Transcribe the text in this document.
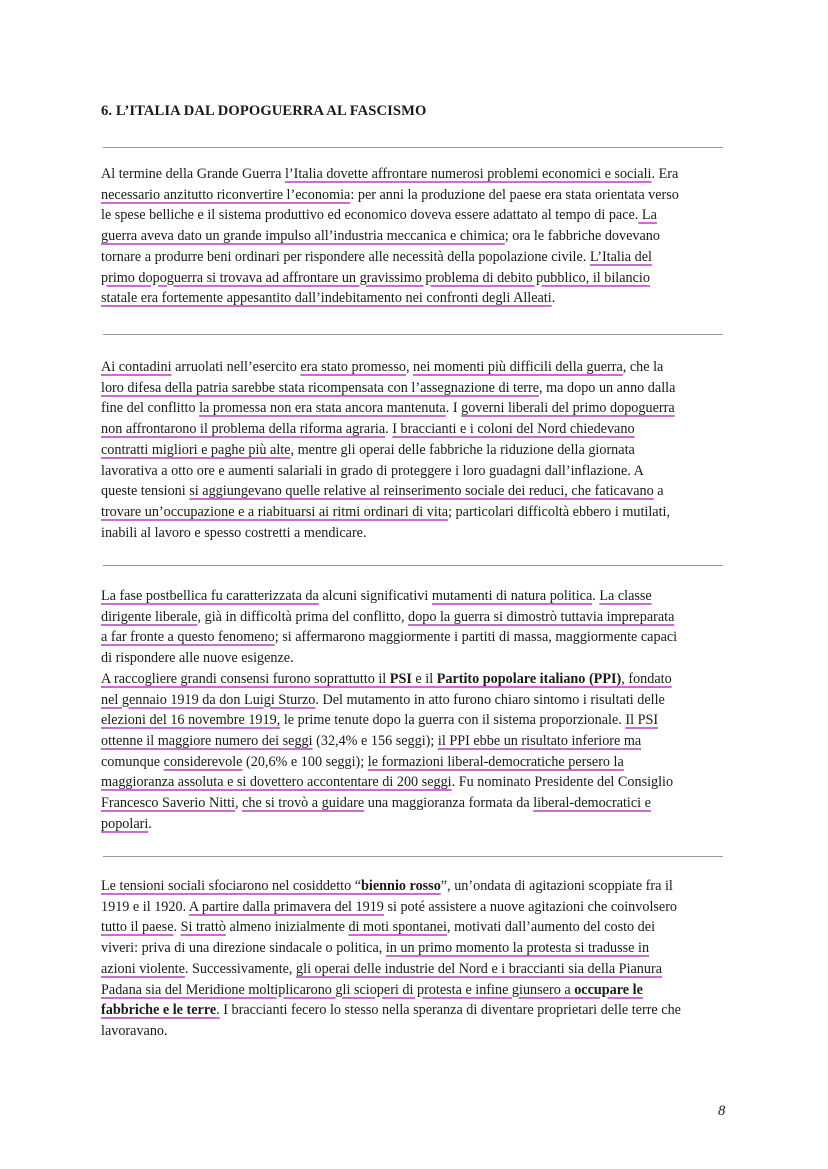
6. L’ITALIA DAL DOPOGUERRA AL FASCISMO
Al termine della Grande Guerra l’Italia dovette affrontare numerosi problemi economici e sociali. Era
necessario anzitutto riconvertire l’economia: per anni la produzione del paese era stata orientata verso
le spese belliche e il sistema produttivo ed economico doveva essere adattato al tempo di pace. La
guerra aveva dato un grande impulso all’industria meccanica e chimica; ora le fabbriche dovevano
tornare a produrre beni ordinari per rispondere alle necessità della popolazione civile. L’Italia del
primo dopoguerra si trovava ad affrontare un gravissimo problema di debito pubblico, il bilancio
statale era fortemente appesantito dall’indebitamento nei confronti degli Alleati.
Ai contadini arruolati nell’esercito era stato promesso, nei momenti più difficili della guerra, che la
loro difesa della patria sarebbe stata ricompensata con l’assegnazione di terre, ma dopo un anno dalla
fine del conflitto la promessa non era stata ancora mantenuta. I governi liberali del primo dopoguerra
non affrontarono il problema della riforma agraria. I braccianti e i coloni del Nord chiedevano
contratti migliori e paghe più alte, mentre gli operai delle fabbriche la riduzione della giornata
lavorativa a otto ore e aumenti salariali in grado di proteggere i loro guadagni dall’inflazione. A
queste tensioni si aggiungevano quelle relative al reinserimento sociale dei reduci, che faticavano a
trovare un’occupazione e a riabituarsi ai ritmi ordinari di vita; particolari difficoltà ebbero i mutilati,
inabili al lavoro e spesso costretti a mendicare.
La fase postbellica fu caratterizzata da alcuni significativi mutamenti di natura politica. La classe
dirigente liberale, già in difficoltà prima del conflitto, dopo la guerra si dimostrò tuttavia impreparata
a far fronte a questo fenomeno; si affermarono maggiormente i partiti di massa, maggiormente capaci
di rispondere alle nuove esigenze.
A raccogliere grandi consensi furono soprattutto il PSI e il Partito popolare italiano (PPI), fondato
nel gennaio 1919 da don Luigi Sturzo. Del mutamento in atto furono chiaro sintomo i risultati delle
elezioni del 16 novembre 1919, le prime tenute dopo la guerra con il sistema proporzionale. Il PSI
ottenne il maggiore numero dei seggi (32,4% e 156 seggi); il PPI ebbe un risultato inferiore ma
comunque considerevole (20,6% e 100 seggi); le formazioni liberal-democratiche persero la
maggioranza assoluta e si dovettero accontentare di 200 seggi. Fu nominato Presidente del Consiglio
Francesco Saverio Nitti, che si trovò a guidare una maggioranza formata da liberal-democratici e
popolari.
Le tensioni sociali sfociarono nel cosiddetto “biennio rosso”, un’ondata di agitazioni scoppiate fra il
1919 e il 1920. A partire dalla primavera del 1919 si poté assistere a nuove agitazioni che coinvolsero
tutto il paese. Si trattò almeno inizialmente di moti spontanei, motivati dall’aumento del costo dei
viveri: priva di una direzione sindacale o politica, in un primo momento la protesta si tradusse in
azioni violente. Successivamente, gli operai delle industrie del Nord e i braccianti sia della Pianura
Padana sia del Meridione moltiplicarono gli scioperi di protesta e infine giunsero a occupare le
fabbriche e le terre. I braccianti fecero lo stesso nella speranza di diventare proprietari delle terre che
lavoravano.
8
